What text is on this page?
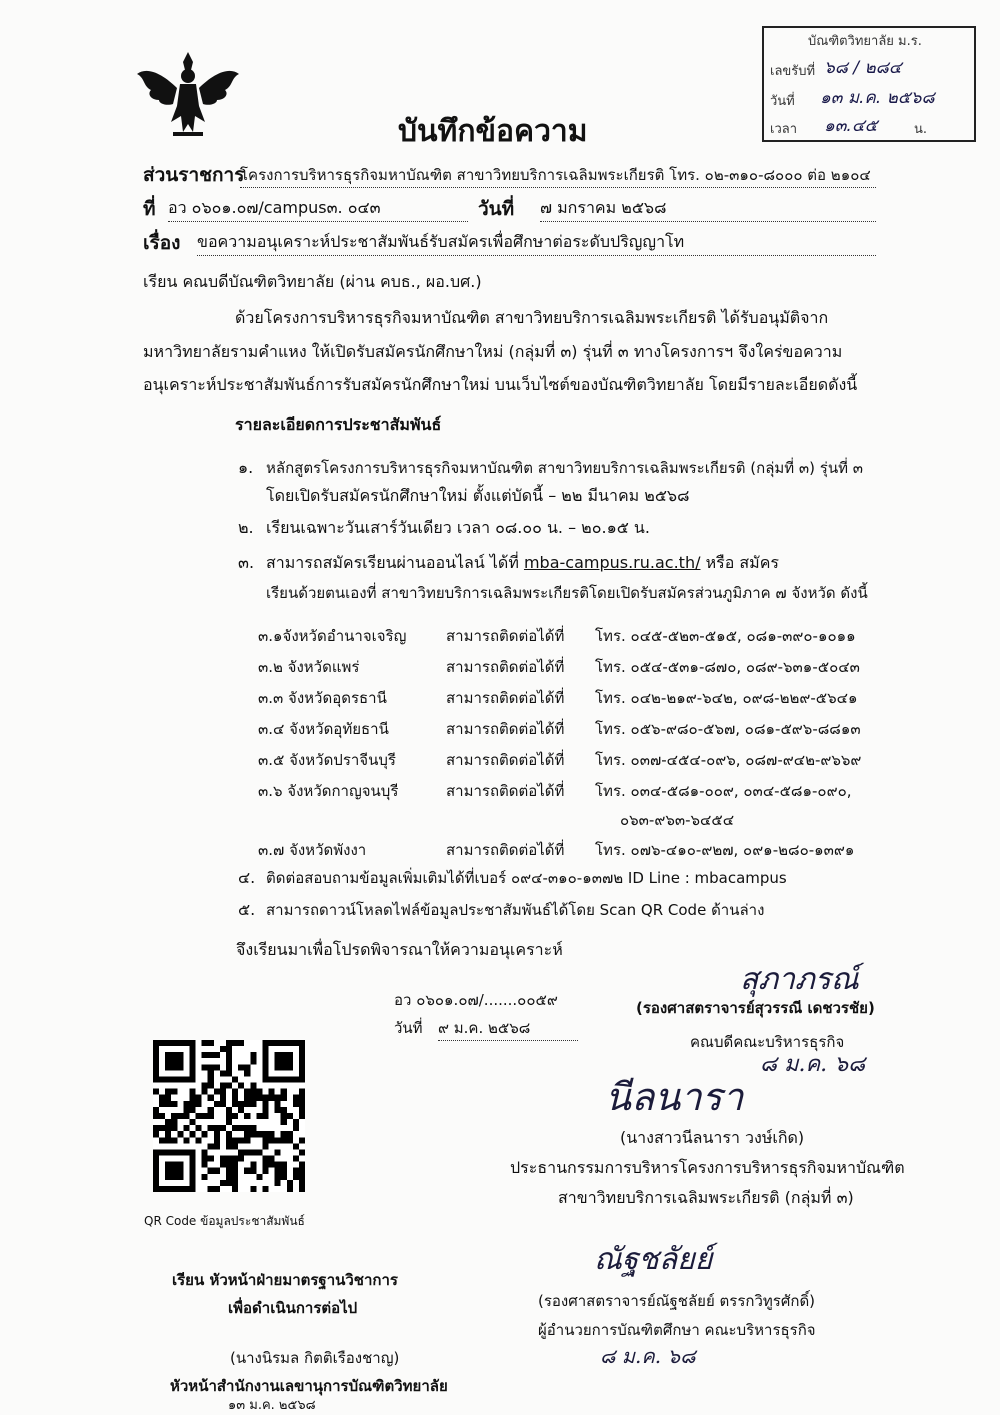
บัณฑิตวิทยาลัย ม.ร.
เลขรับที่ ๖๘ / ๒๘๔
วันที่ ๑๓ ม.ค. ๒๕๖๘
เวลา ๑๓.๔๕	น.
บันทึกข้อความ
ส่วนราชการ
โครงการบริหารธุรกิจมหาบัณฑิต สาขาวิทยบริการเฉลิมพระเกียรติ โทร. ๐๒-๓๑๐-๘๐๐๐ ต่อ ๒๑๐๔
ที่ อว ๐๖๐๑.๐๗/campus๓. ๐๔๓	วันที่ ๗ มกราคม ๒๕๖๘
เรื่อง ขอความอนุเคราะห์ประชาสัมพันธ์รับสมัครเพื่อศึกษาต่อระดับปริญญาโท
เรียน คณบดีบัณฑิตวิทยาลัย (ผ่าน คบธ., ผอ.บศ.)
ด้วยโครงการบริหารธุรกิจมหาบัณฑิต สาขาวิทยบริการเฉลิมพระเกียรติ ได้รับอนุมัติจาก
มหาวิทยาลัยรามคำแหง ให้เปิดรับสมัครนักศึกษาใหม่ (กลุ่มที่ ๓) รุ่นที่ ๓ ทางโครงการฯ จึงใคร่ขอความ
อนุเคราะห์ประชาสัมพันธ์การรับสมัครนักศึกษาใหม่ บนเว็บไซต์ของบัณฑิตวิทยาลัย โดยมีรายละเอียดดังนี้
รายละเอียดการประชาสัมพันธ์
๑. หลักสูตรโครงการบริหารธุรกิจมหาบัณฑิต สาขาวิทยบริการเฉลิมพระเกียรติ (กลุ่มที่ ๓) รุ่นที่ ๓
โดยเปิดรับสมัครนักศึกษาใหม่ ตั้งแต่บัดนี้ – ๒๒ มีนาคม ๒๕๖๘
๒. เรียนเฉพาะวันเสาร์วันเดียว เวลา ๐๘.๐๐ น. – ๒๐.๑๕ น.
๓. สามารถสมัครเรียนผ่านออนไลน์ ได้ที่ mba-campus.ru.ac.th/ หรือ สมัคร
เรียนด้วยตนเองที่ สาขาวิทยบริการเฉลิมพระเกียรติโดยเปิดรับสมัครส่วนภูมิภาค ๗ จังหวัด ดังนี้
๓.๑จังหวัดอำนาจเจริญ	สามารถติดต่อได้ที่ โทร. ๐๔๕-๕๒๓-๕๑๕, ๐๘๑-๓๙๐-๑๐๑๑
๓.๒ จังหวัดแพร่	สามารถติดต่อได้ที่ โทร. ๐๕๔-๕๓๑-๘๗๐, ๐๘๙-๖๓๑-๕๐๔๓
๓.๓ จังหวัดอุดรธานี	สามารถติดต่อได้ที่ โทร. ๐๔๒-๒๑๙-๖๔๒, ๐๙๘-๒๒๙-๕๖๔๑
๓.๔ จังหวัดอุทัยธานี	สามารถติดต่อได้ที่ โทร. ๐๕๖-๙๘๐-๕๖๗, ๐๘๑-๕๙๖-๘๘๑๓
๓.๕ จังหวัดปราจีนบุรี	สามารถติดต่อได้ที่ โทร. ๐๓๗-๔๕๔-๐๙๖, ๐๘๗-๙๔๒-๙๖๖๙
๓.๖ จังหวัดกาญจนบุรี	สามารถติดต่อได้ที่ โทร. ๐๓๔-๕๘๑-๐๐๙, ๐๓๔-๕๘๑-๐๙๐,
๐๖๓-๙๖๓-๖๔๕๔
๓.๗ จังหวัดพังงา	สามารถติดต่อได้ที่ โทร. ๐๗๖-๔๑๐-๙๒๗, ๐๙๑-๒๘๐-๑๓๙๑
๔. ติดต่อสอบถามข้อมูลเพิ่มเติมได้ที่เบอร์ ๐๙๔-๓๑๐-๑๓๗๒ ID Line : mbacampus
๕. สามารถดาวน์โหลดไฟล์ข้อมูลประชาสัมพันธ์ได้โดย Scan QR Code ด้านล่าง
จึงเรียนมาเพื่อโปรดพิจารณาให้ความอนุเคราะห์
อว ๐๖๐๑.๐๗/.......๐๐๕๙
วันที่ ๙ ม.ค. ๒๕๖๘
สุภาภรณ์
(รองศาสตราจารย์สุวรรณี เดชวรชัย)
คณบดีคณะบริหารธุรกิจ
๘ ม.ค. ๖๘
นีลนารา
(นางสาวนีลนารา วงษ์เกิด)
ประธานกรรมการบริหารโครงการบริหารธุรกิจมหาบัณฑิต
สาขาวิทยบริการเฉลิมพระเกียรติ (กลุ่มที่ ๓)
QR Code ข้อมูลประชาสัมพันธ์
ณัฐชลัยย์
(รองศาสตราจารย์ณัฐชลัยย์ ตรรกวิทูรศักดิ์)
ผู้อำนวยการบัณฑิตศึกษา คณะบริหารธุรกิจ
๘ ม.ค. ๖๘
เรียน หัวหน้าฝ่ายมาตรฐานวิชาการ
เพื่อดำเนินการต่อไป
(นางนิรมล กิตติเรืองชาญ)
หัวหน้าสำนักงานเลขานุการบัณฑิตวิทยาลัย
๑๓ ม.ค. ๒๕๖๘
